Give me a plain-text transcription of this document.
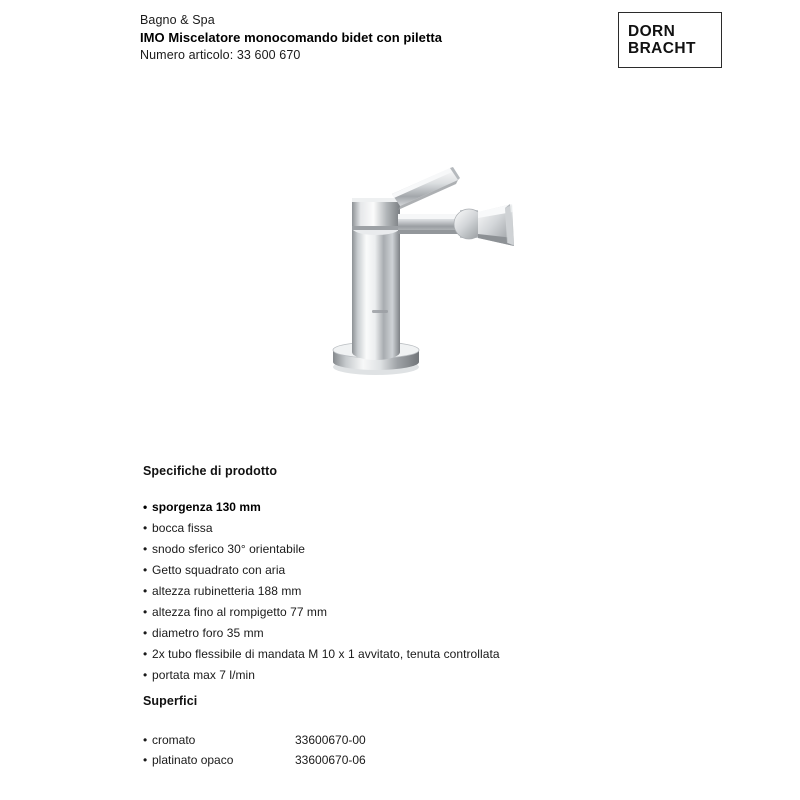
Bagno & Spa
IMO Miscelatore monocomando bidet con piletta
Numero articolo: 33 600 670
DORN
BRACHT
Specifiche di prodotto
• sporgenza 130 mm
• bocca fissa
• snodo sferico 30° orientabile
• Getto squadrato con aria
• altezza rubinetteria 188 mm
• altezza fino al rompigetto 77 mm
• diametro foro 35 mm
• 2x tubo flessibile di mandata M 10 x 1 avvitato, tenuta controllata
• portata max 7 l/min
Superfici
• cromato	33600670-00
• platinato opaco	33600670-06
